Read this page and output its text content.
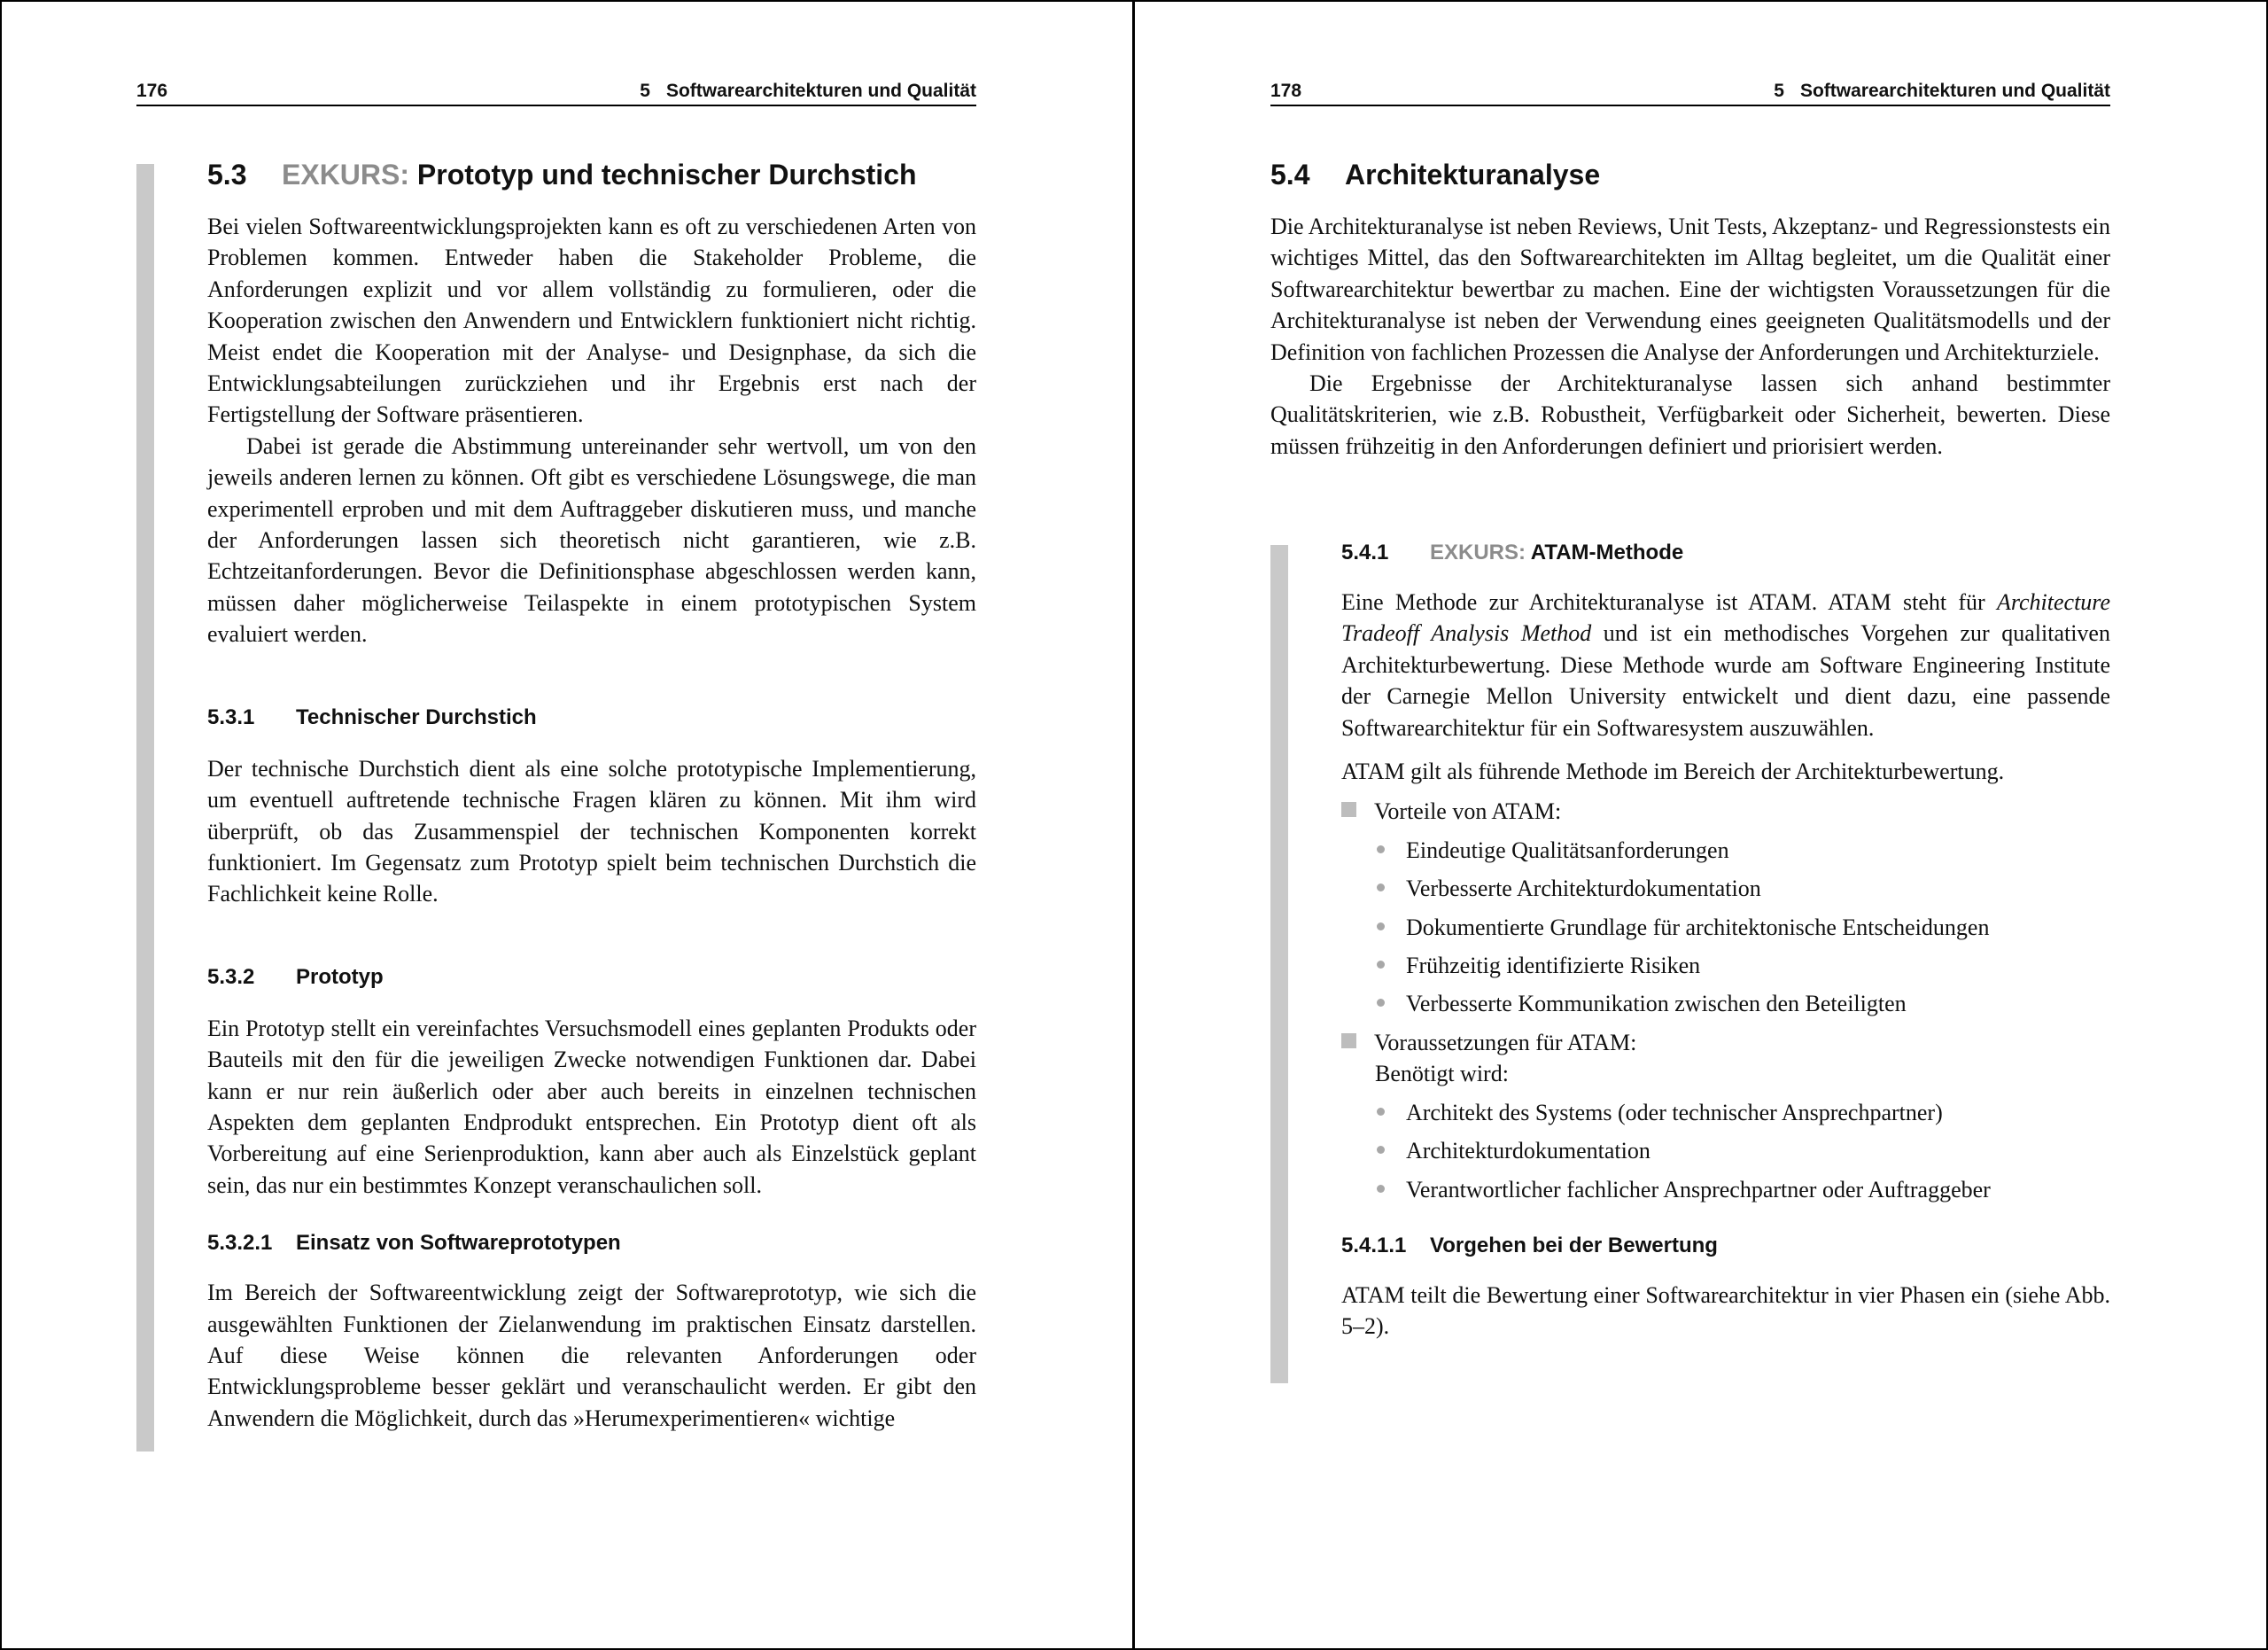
176	5 Softwarearchitekturen und Qualität
5.3 EXKURS: Prototyp und technischer Durchstich

Bei vielen Softwareentwicklungsprojekten kann es oft zu verschiedenen Arten von Problemen kommen. Entweder haben die Stakeholder Probleme, die Anforderungen explizit und vor allem vollständig zu formulieren, oder die Kooperation zwischen den Anwendern und Entwicklern funktioniert nicht richtig. Meist endet die Kooperation mit der Analyse- und Designphase, da sich die Entwicklungsabteilungen zurückziehen und ihr Ergebnis erst nach der Fertigstellung der Software präsentieren.

Dabei ist gerade die Abstimmung untereinander sehr wertvoll, um von den jeweils anderen lernen zu können. Oft gibt es verschiedene Lösungswege, die man experimentell erproben und mit dem Auftraggeber diskutieren muss, und manche der Anforderungen lassen sich theoretisch nicht garantieren, wie z.B. Echtzeitanforderungen. Bevor die Definitionsphase abgeschlossen werden kann, müssen daher möglicherweise Teilaspekte in einem prototypischen System evaluiert werden.

5.3.1 Technischer Durchstich

Der technische Durchstich dient als eine solche prototypische Implementierung, um eventuell auftretende technische Fragen klären zu können. Mit ihm wird überprüft, ob das Zusammenspiel der technischen Komponenten korrekt funktioniert. Im Gegensatz zum Prototyp spielt beim technischen Durchstich die Fachlichkeit keine Rolle.

5.3.2 Prototyp

Ein Prototyp stellt ein vereinfachtes Versuchsmodell eines geplanten Produkts oder Bauteils mit den für die jeweiligen Zwecke notwendigen Funktionen dar. Dabei kann er nur rein äußerlich oder aber auch bereits in einzelnen technischen Aspekten dem geplanten Endprodukt entsprechen. Ein Prototyp dient oft als Vorbereitung auf eine Serienproduktion, kann aber auch als Einzelstück geplant sein, das nur ein bestimmtes Konzept veranschaulichen soll.

5.3.2.1 Einsatz von Softwareprototypen

Im Bereich der Softwareentwicklung zeigt der Softwareprototyp, wie sich die ausgewählten Funktionen der Zielanwendung im praktischen Einsatz darstellen. Auf diese Weise können die relevanten Anforderungen oder Entwicklungsprobleme besser geklärt und veranschaulicht werden. Er gibt den Anwendern die Möglichkeit, durch das »Herumexperimentieren« wichtige

178	5 Softwarearchitekturen und Qualität
5.4 Architekturanalyse

Die Architekturanalyse ist neben Reviews, Unit Tests, Akzeptanz- und Regressionstests ein wichtiges Mittel, das den Softwarearchitekten im Alltag begleitet, um die Qualität einer Softwarearchitektur bewertbar zu machen. Eine der wichtigsten Voraussetzungen für die Architekturanalyse ist neben der Verwendung eines geeigneten Qualitätsmodells und der Definition von fachlichen Prozessen die Analyse der Anforderungen und Architekturziele.

Die Ergebnisse der Architekturanalyse lassen sich anhand bestimmter Qualitätskriterien, wie z.B. Robustheit, Verfügbarkeit oder Sicherheit, bewerten. Diese müssen frühzeitig in den Anforderungen definiert und priorisiert werden.

5.4.1 EXKURS: ATAM-Methode

Eine Methode zur Architekturanalyse ist ATAM. ATAM steht für Architecture Tradeoff Analysis Method und ist ein methodisches Vorgehen zur qualitativen Architekturbewertung. Diese Methode wurde am Software Engineering Institute der Carnegie Mellon University entwickelt und dient dazu, eine passende Softwarearchitektur für ein Softwaresystem auszuwählen.

ATAM gilt als führende Methode im Bereich der Architekturbewertung.

Vorteile von ATAM:
Eindeutige Qualitätsanforderungen
Verbesserte Architekturdokumentation
Dokumentierte Grundlage für architektonische Entscheidungen
Frühzeitig identifizierte Risiken
Verbesserte Kommunikation zwischen den Beteiligten
Voraussetzungen für ATAM:
Benötigt wird:
Architekt des Systems (oder technischer Ansprechpartner)
Architekturdokumentation
Verantwortlicher fachlicher Ansprechpartner oder Auftraggeber
5.4.1.1 Vorgehen bei der Bewertung

ATAM teilt die Bewertung einer Softwarearchitektur in vier Phasen ein (siehe Abb. 5–2).
